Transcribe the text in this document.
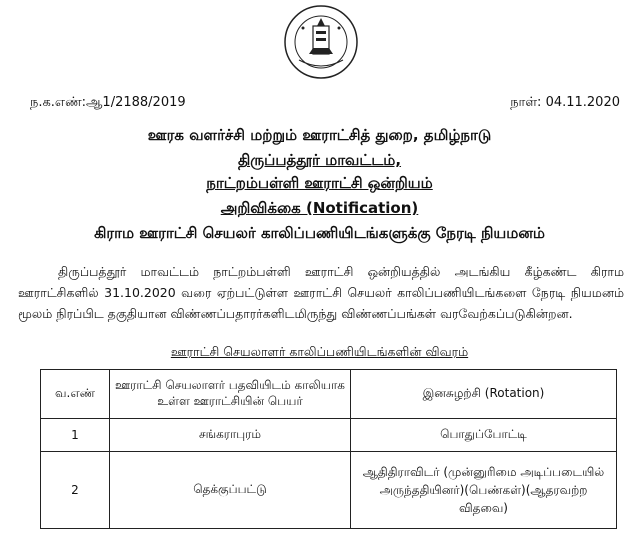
ந.க.எண்:ஆ1/2188/2019	நாள்: 04.11.2020
ஊரக வளர்ச்சி மற்றும் ஊராட்சித் துறை, தமிழ்நாடு
திருப்பத்தூர் மாவட்டம்,
நாட்றம்பள்ளி ஊராட்சி ஒன்றியம்
அறிவிக்கை (Notification)
கிராம ஊராட்சி செயலர் காலிப்பணியிடங்களுக்கு நேரடி நியமனம்
திருப்பத்தூர் மாவட்டம் நாட்றம்பள்ளி ஊராட்சி ஒன்றியத்தில் அடங்கிய கீழ்கண்ட கிராம ஊராட்சிகளில் 31.10.2020 வரை ஏற்பட்டுள்ள ஊராட்சி செயலர் காலிப்பணியிடங்களை நேரடி நியமனம் மூலம் நிரப்பிட தகுதியான விண்ணப்பதாரர்களிடமிருந்து விண்ணப்பங்கள் வரவேற்கப்படுகின்றன.
ஊராட்சி செயலாளர் காலிப்பணியிடங்களின் விவரம்
வ.எண்	ஊராட்சி செயலாளர் பதவியிடம் காலியாக உள்ள ஊராட்சியின் பெயர்	இனசுழற்சி (Rotation)
1	சங்கராபுரம்	பொதுப்போட்டி
2	தெக்குப்பட்டு	ஆதிதிராவிடர் (முன்னுரிமை அடிப்படையில் அருந்ததியினர்)(பெண்கள்)(ஆதரவற்ற விதவை)
